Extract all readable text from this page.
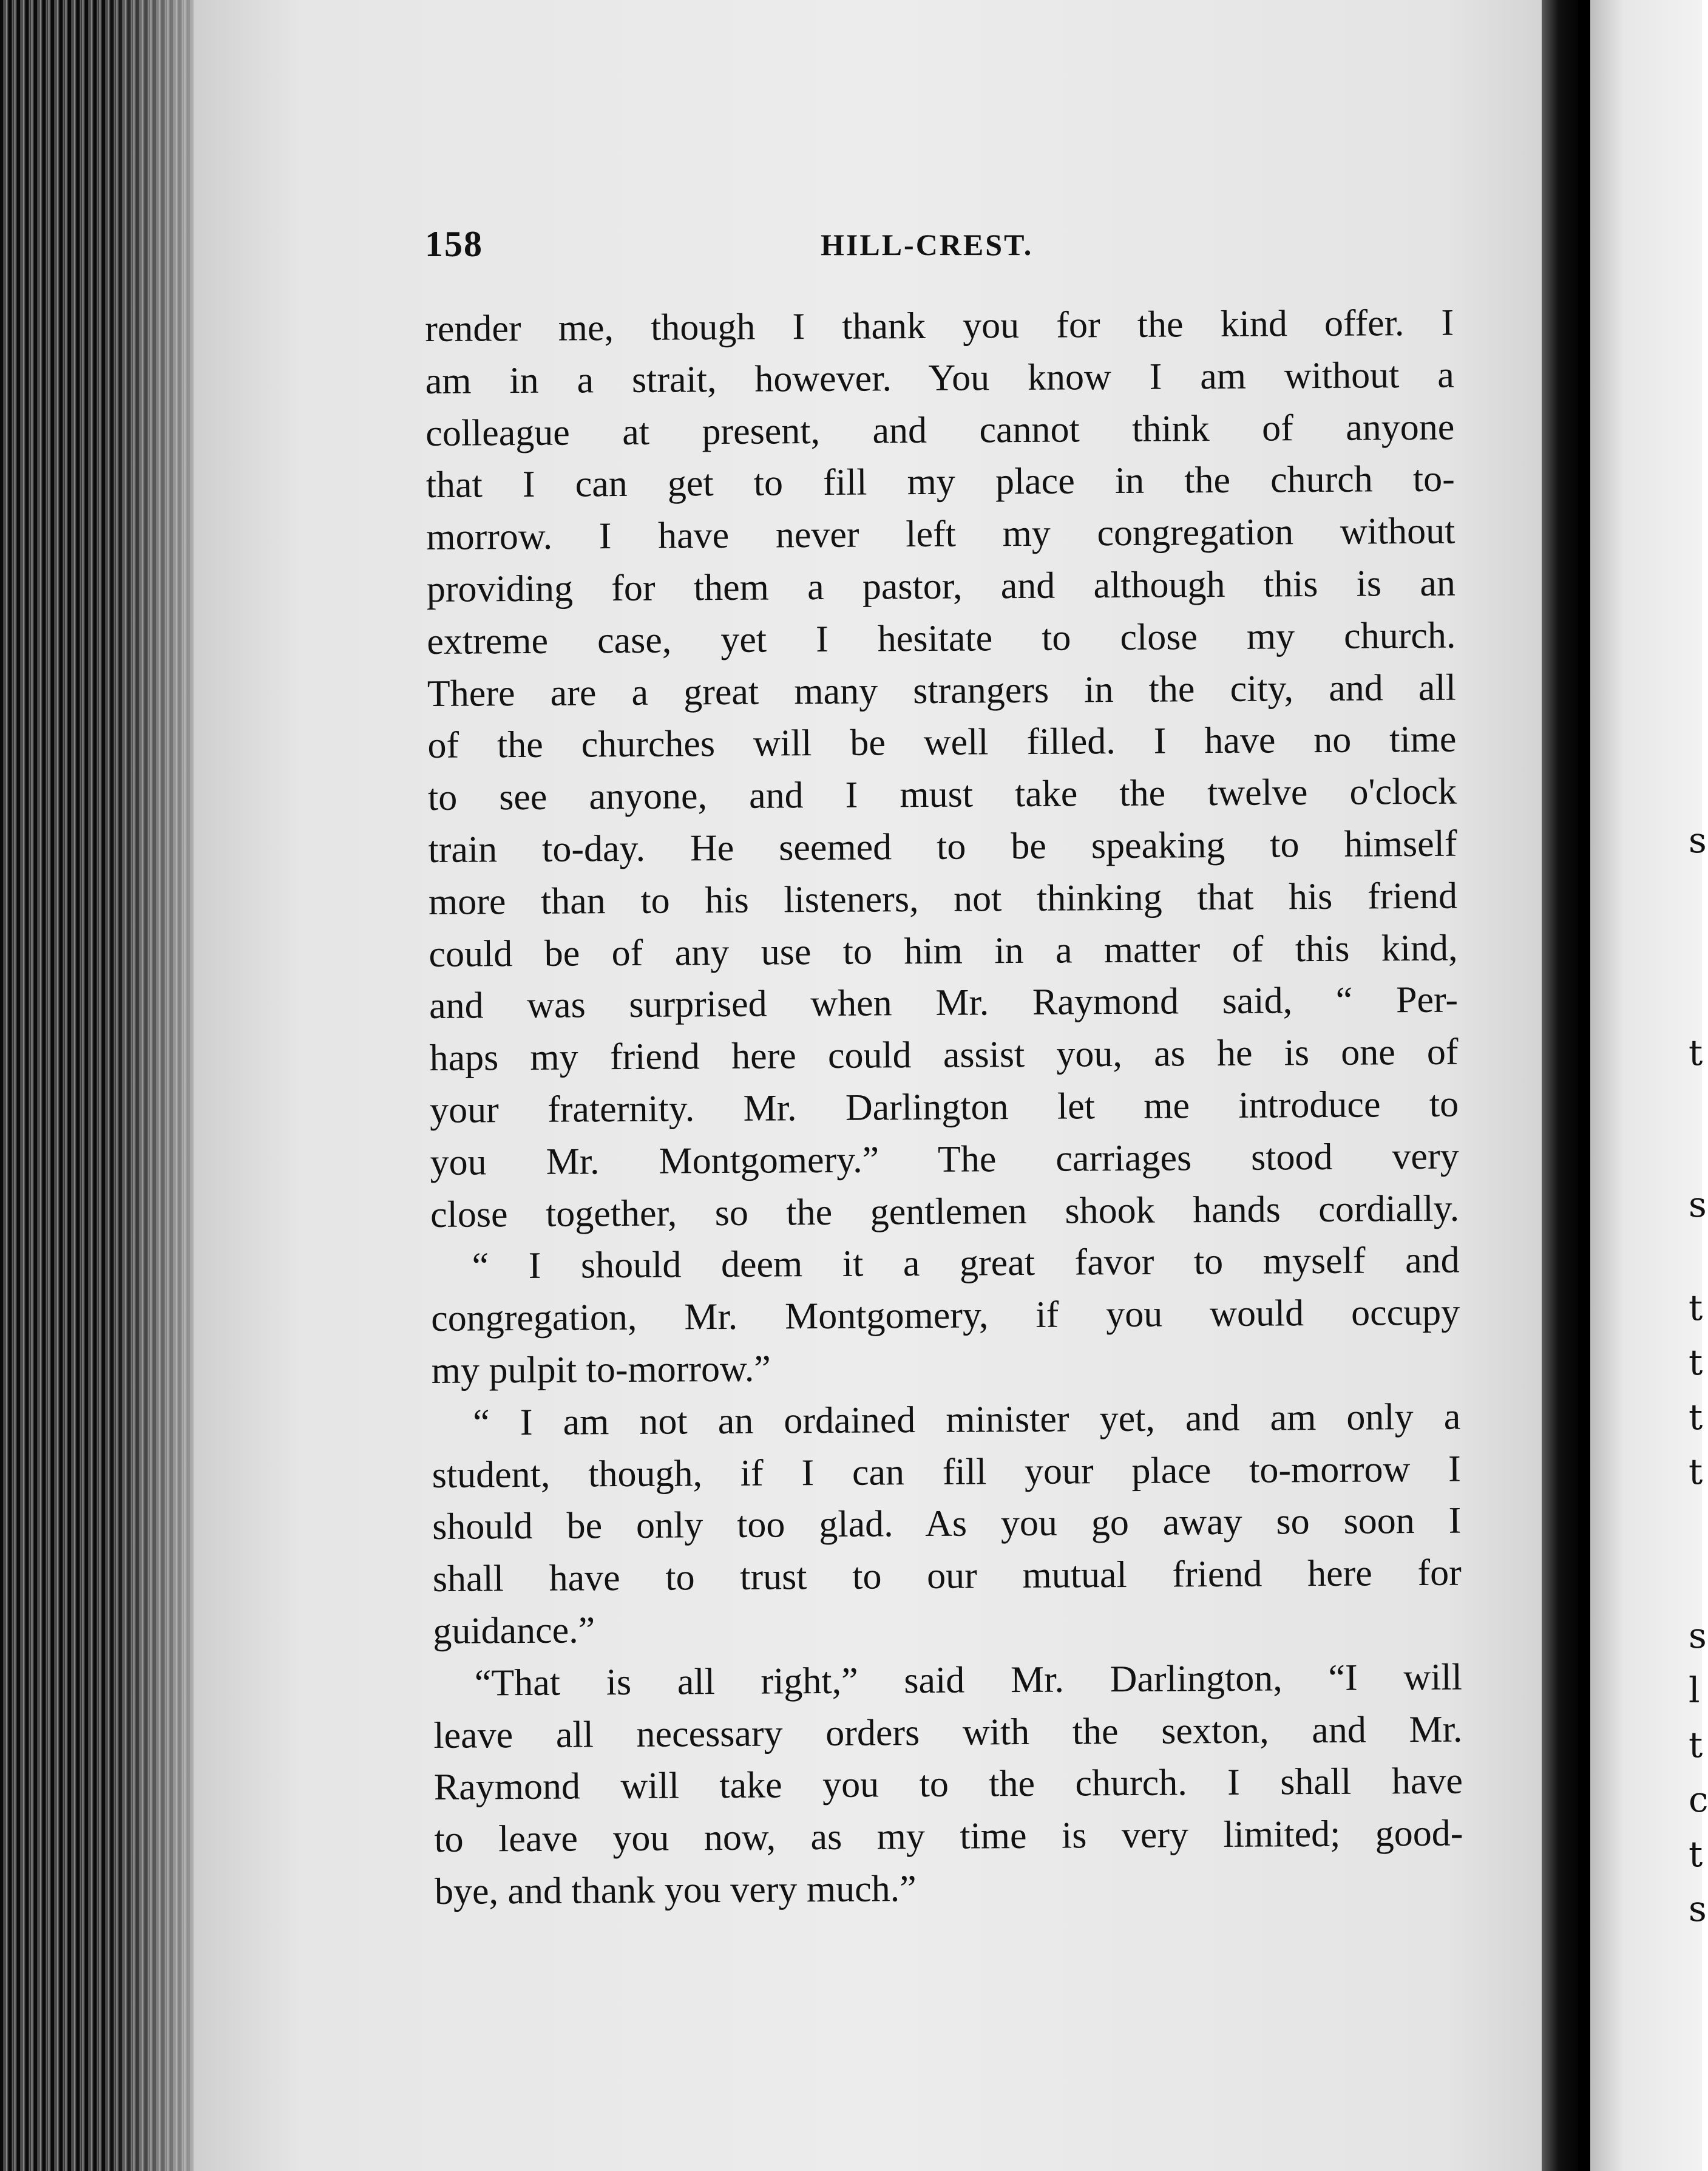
158	HILL-CREST.
render me, though I thank you for the kind offer. I
am in a strait, however. You know I am without a
colleague at present, and cannot think of anyone
that I can get to fill my place in the church to-
morrow. I have never left my congregation without
providing for them a pastor, and although this is an
extreme case, yet I hesitate to close my church.
There are a great many strangers in the city, and all
of the churches will be well filled. I have no time
to see anyone, and I must take the twelve o'clock
train to-day. He seemed to be speaking to himself
more than to his listeners, not thinking that his friend
could be of any use to him in a matter of this kind,
and was surprised when Mr. Raymond said, “ Per-
haps my friend here could assist you, as he is one of
your fraternity. Mr. Darlington let me introduce to
you Mr. Montgomery.” The carriages stood very
close together, so the gentlemen shook hands cordially.
“ I should deem it a great favor to myself and
congregation, Mr. Montgomery, if you would occupy
my pulpit to-morrow.”
“ I am not an ordained minister yet, and am only a
student, though, if I can fill your place to-morrow I
should be only too glad. As you go away so soon I
shall have to trust to our mutual friend here for
guidance.”
“That is all right,” said Mr. Darlington, “I will
leave all necessary orders with the sexton, and Mr.
Raymond will take you to the church. I shall have
to leave you now, as my time is very limited; good-
bye, and thank you very much.”
s
t
s
t
t
t
t
s
l
t
c
t
s
